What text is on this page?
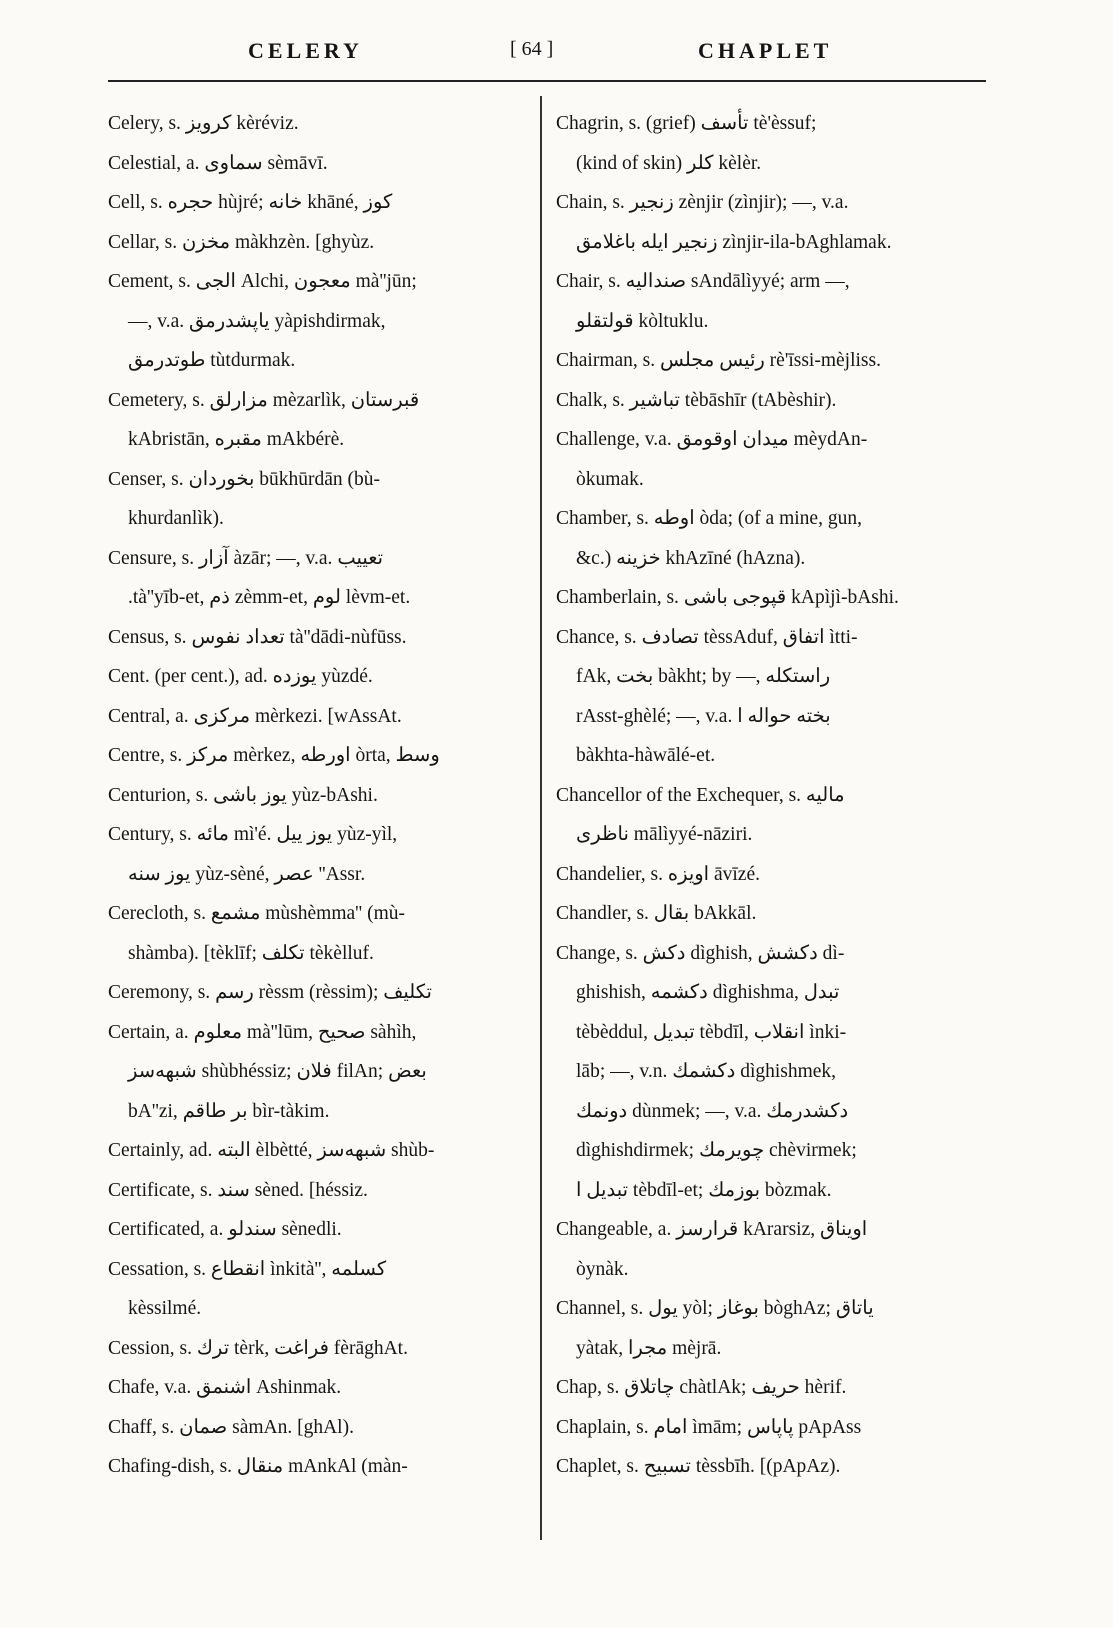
CELERY	[ 64 ]	CHAPLET
Celery, s. كرويز kèréviz.
Celestial, a. سماوى sèmāvī.
Cell, s. حجره hùjré; خانه khāné, كوز
Cellar, s. مخزن màkhzèn. [ghyùz.
Cement, s. الجى Alchi, معجون mà''jūn;
—, v.a. ياپشدرمق yàpishdirmak,
طوتدرمق tùtdurmak.
Cemetery, s. مزارلق mèzarlìk, قبرستان
kAbristān, مقبره mAkbérè.
Censer, s. بخوردان būkhūrdān (bù-
khurdanlìk).
Censure, s. آزار àzār; —, v.a. تعييب
.tà''yīb-et, ذم zèmm-et, لوم lèvm-et.
Census, s. تعداد نفوس tà''dādi-nùfūss.
Cent. (per cent.), ad. يوزده yùzdé.
Central, a. مركزى mèrkezi. [wAssAt.
Centre, s. مركز mèrkez, اورطه òrta, وسط
Centurion, s. يوز باشى yùz-bAshi.
Century, s. مائه mì'é. يوز ييل yùz-yìl,
يوز سنه yùz-sèné, عصر ''Assr.
Cerecloth, s. مشمع mùshèmma'' (mù-
shàmba). [tèklīf; تكلف tèkèlluf.
Ceremony, s. رسم rèssm (rèssim); تكليف
Certain, a. معلوم mà''lūm, صحيح sàhìh,
شبهه‌سز shùbhéssiz; فلان filAn; بعض
bA''zi, بر طاقم bìr-tàkim.
Certainly, ad. البته èlbètté, شبهه‌سز shùb-
Certificate, s. سند sèned. [héssiz.
Certificated, a. سندلو sènedli.
Cessation, s. انقطاع ìnkità'', كسلمه
kèssilmé.
Cession, s. ترك tèrk, فراغت fèrāghAt.
Chafe, v.a. اشنمق Ashinmak.
Chaff, s. صمان sàmAn. [ghAl).
Chafing-dish, s. منقال mAnkAl (màn-
Chagrin, s. (grief) تأسف tè'èssuf;
(kind of skin) كلر kèlèr.
Chain, s. زنجير zènjir (zìnjir); —, v.a.
زنجير ايله باغلامق zìnjir-ila-bAghlamak.
Chair, s. صنداليه sAndālìyyé; arm —,
قولتقلو kòltuklu.
Chairman, s. رئيس مجلس rè'īssi-mèjliss.
Chalk, s. تباشير tèbāshīr (tAbèshir).
Challenge, v.a. ميدان اوقومق mèydAn-
òkumak.
Chamber, s. اوطه òda; (of a mine, gun,
&c.) خزينه khAzīné (hAzna).
Chamberlain, s. قپوجى باشى kApìjì-bAshi.
Chance, s. تصادف tèssAduf, اتفاق ìtti-
fAk, بخت bàkht; by —, راستكله
rAsst-ghèlé; —, v.a. بخته حواله ا
bàkhta-hàwālé-et.
Chancellor of the Exchequer, s. ماليه
ناظرى mālìyyé-nāziri.
Chandelier, s. اويزه āvīzé.
Chandler, s. بقال bAkkāl.
Change, s. دكش dìghish, دكشش dì-
ghishish, دكشمه dìghishma, تبدل
tèbèddul, تبديل tèbdīl, انقلاب ìnki-
lāb; —, v.n. دكشمك dìghishmek,
دونمك dùnmek; —, v.a. دكشدرمك
dìghishdirmek; چويرمك chèvirmek;
تبديل ا tèbdīl-et; بوزمك bòzmak.
Changeable, a. قرارسز kArarsiz, اويناق
òynàk.
Channel, s. يول yòl; بوغاز bòghAz; ياتاق
yàtak, مجرا mèjrā.
Chap, s. چاتلاق chàtlAk; حريف hèrif.
Chaplain, s. امام ìmām; پاپاس pApAss
Chaplet, s. تسبيح tèssbīh. [(pApAz).
